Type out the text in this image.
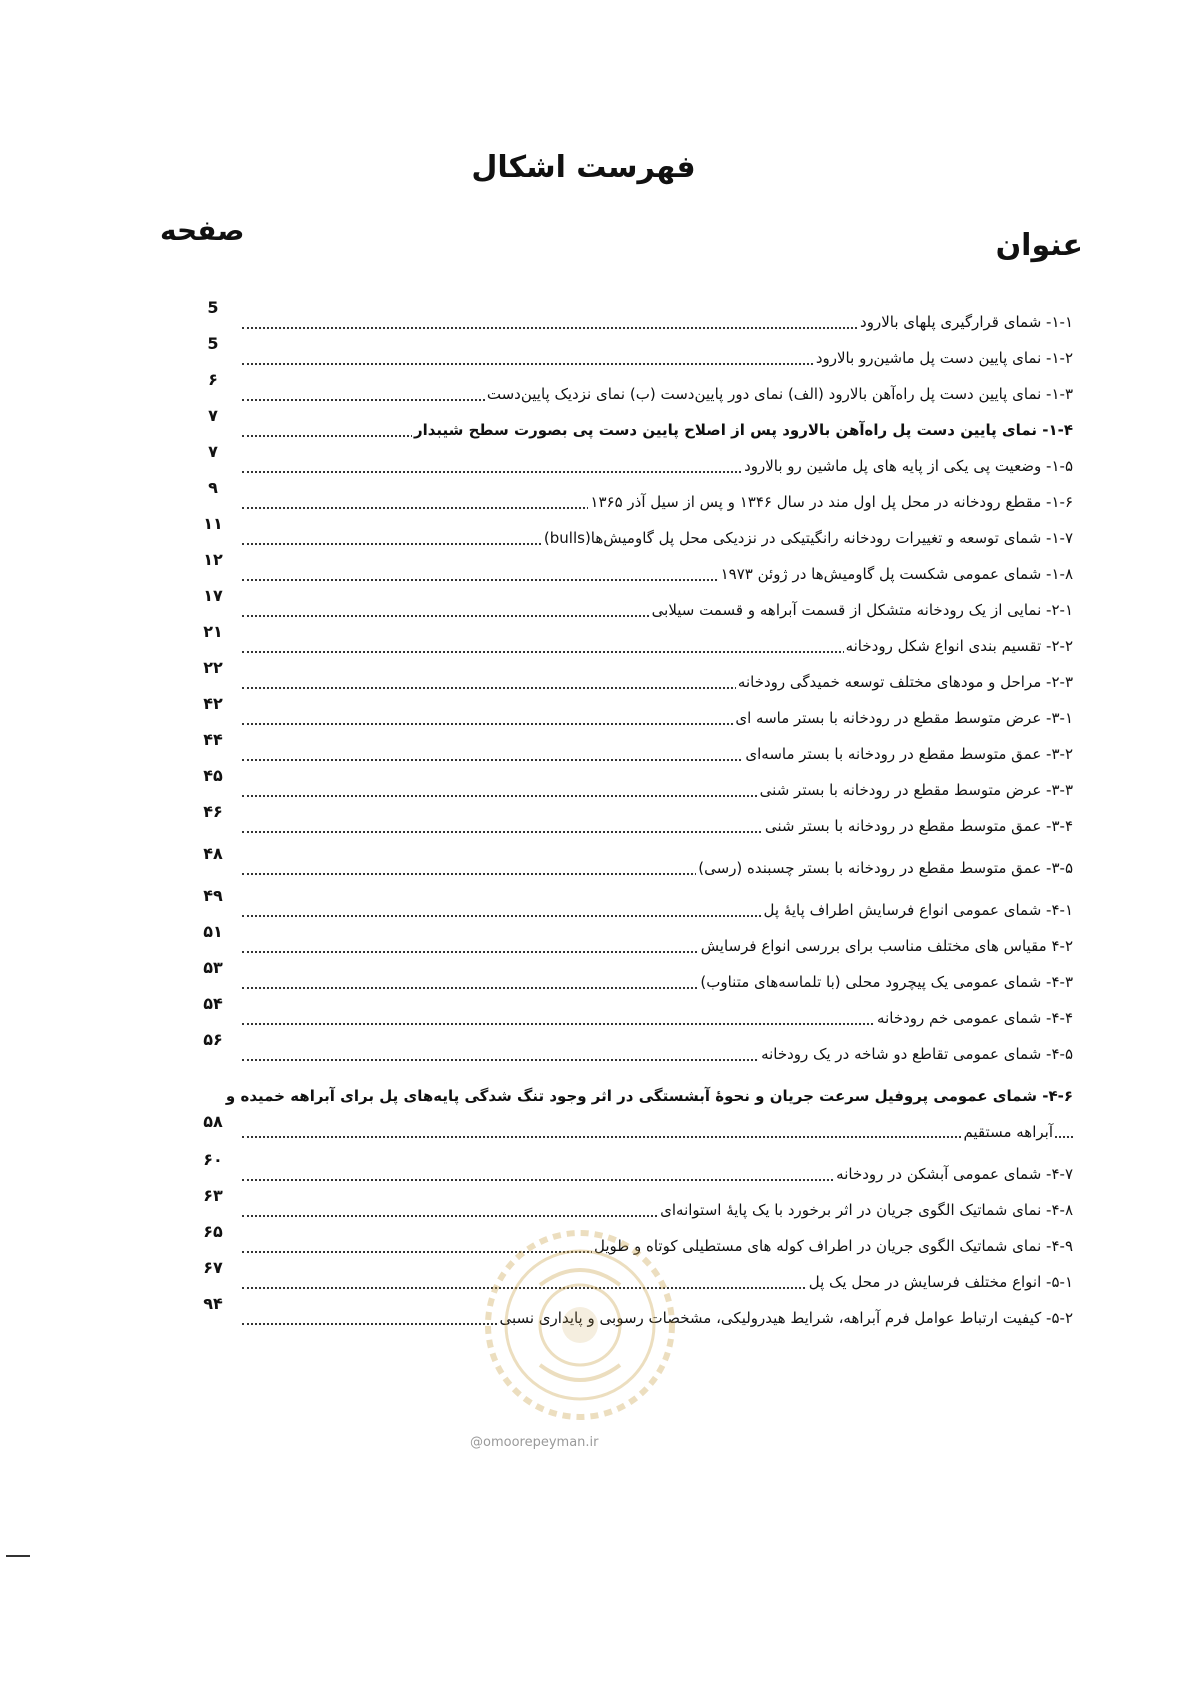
فهرست اشکال
عنوان
صفحه
۱-۱- شمای قرارگیری پلهای بالارود
5
۱-۲- نمای پایین دست پل ماشین‌رو بالارود
5
۱-۳- نمای پایین دست پل راه‌آهن بالارود (الف) نمای دور پایین‌دست (ب) نمای نزدیک پایین‌دست
۶
۱-۴- نمای پایین دست پل راه‌آهن بالارود پس از اصلاح پایین دست پی بصورت سطح شیبدار
۷
۱-۵- وضعیت پی یکی از پایه های پل ماشین رو بالارود
۷
۱-۶- مقطع رودخانه در محل پل اول مند در سال ۱۳۴۶ و پس از سیل آذر ۱۳۶۵
۹
۱-۷- شمای توسعه و تغییرات رودخانه رانگیتیکی در نزدیکی محل پل گاومیش‌ها(bulls)
۱۱
۱-۸- شمای عمومی شکست پل گاومیش‌ها در ژوئن ۱۹۷۳
۱۲
۲-۱- نمایی از یک رودخانه متشکل از قسمت آبراهه و قسمت سیلابی
۱۷
۲-۲- تقسیم بندی انواع شکل رودخانه
۲۱
۲-۳- مراحل و مودهای مختلف توسعه خمیدگی رودخانه
۲۲
۳-۱- عرض متوسط مقطع در رودخانه با بستر ماسه ای
۴۲
۳-۲- عمق متوسط مقطع در رودخانه با بستر ماسه‌ای
۴۴
۳-۳- عرض متوسط مقطع در رودخانه با بستر شنی
۴۵
۳-۴- عمق متوسط مقطع در رودخانه با بستر شنی
۴۶
۳-۵- عمق متوسط مقطع در رودخانه با بستر چسبنده (رسی)
۴۸
۴-۱- شمای عمومی انواع فرسایش اطراف پایهٔ پل
۴۹
۴-۲ مقیاس های مختلف مناسب برای بررسی انواع فرسایش
۵۱
۴-۳- شمای عمومی یک پیچرود محلی (با تلماسه‌های متناوب)
۵۳
۴-۴- شمای عمومی خم رودخانه
۵۴
۴-۵- شمای عمومی تقاطع دو شاخه در یک رودخانه
۵۶
۴-۶- شمای عمومی پروفیل سرعت جریان و نحوهٔ آبشستگی در اثر وجود تنگ شدگی پایه‌های پل برای آبراهه خمیده و
آبراهه مستقیم
۵۸
۴-۷- شمای عمومی آبشکن در رودخانه
۶۰
۴-۸- نمای شماتیک الگوی جریان در اثر برخورد با یک پایهٔ استوانه‌ای
۶۳
۴-۹- نمای شماتیک الگوی جریان در اطراف کوله های مستطیلی کوتاه و طویل
۶۵
۵-۱- انواع مختلف فرسایش در محل یک پل
۶۷
۵-۲- کیفیت ارتباط عوامل فرم آبراهه، شرایط هیدرولیکی، مشخصات رسوبی و پایداری نسبی
۹۴
@omoorepeyman.ir
